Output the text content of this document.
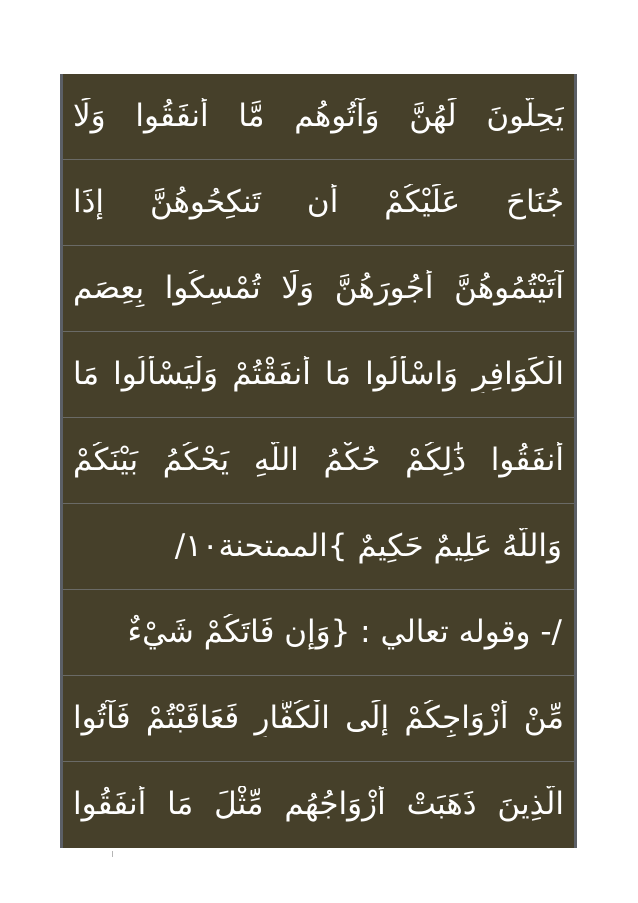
يَحِلُّونَ لَهُنَّ وَآتُوهُم مَّا أَنفَقُوا وَلَا
جُنَاحَ عَلَيْكُمْ أَن تَنكِحُوهُنَّ إِذَا
آتَيْتُمُوهُنَّ أُجُورَهُنَّ وَلَا تُمْسِكُوا بِعِصَمِ
الْكَوَافِرِ وَاسْأَلُوا مَا أَنفَقْتُمْ وَلْيَسْأَلُوا مَا
أَنفَقُوا ذَٰلِكُمْ حُكْمُ اللَّهِ يَحْكُمُ بَيْنَكُمْ
وَاللَّهُ عَلِيمٌ حَكِيمٌ }الممتحنة١٠/
/- وقوله تعالي : {وَإِن فَاتَكُمْ شَيْءٌ
مِّنْ أَزْوَاجِكُمْ إِلَى الْكُفَّارِ فَعَاقَبْتُمْ فَآتُوا
الَّذِينَ ذَهَبَتْ أَزْوَاجُهُم مِّثْلَ مَا أَنفَقُوا
